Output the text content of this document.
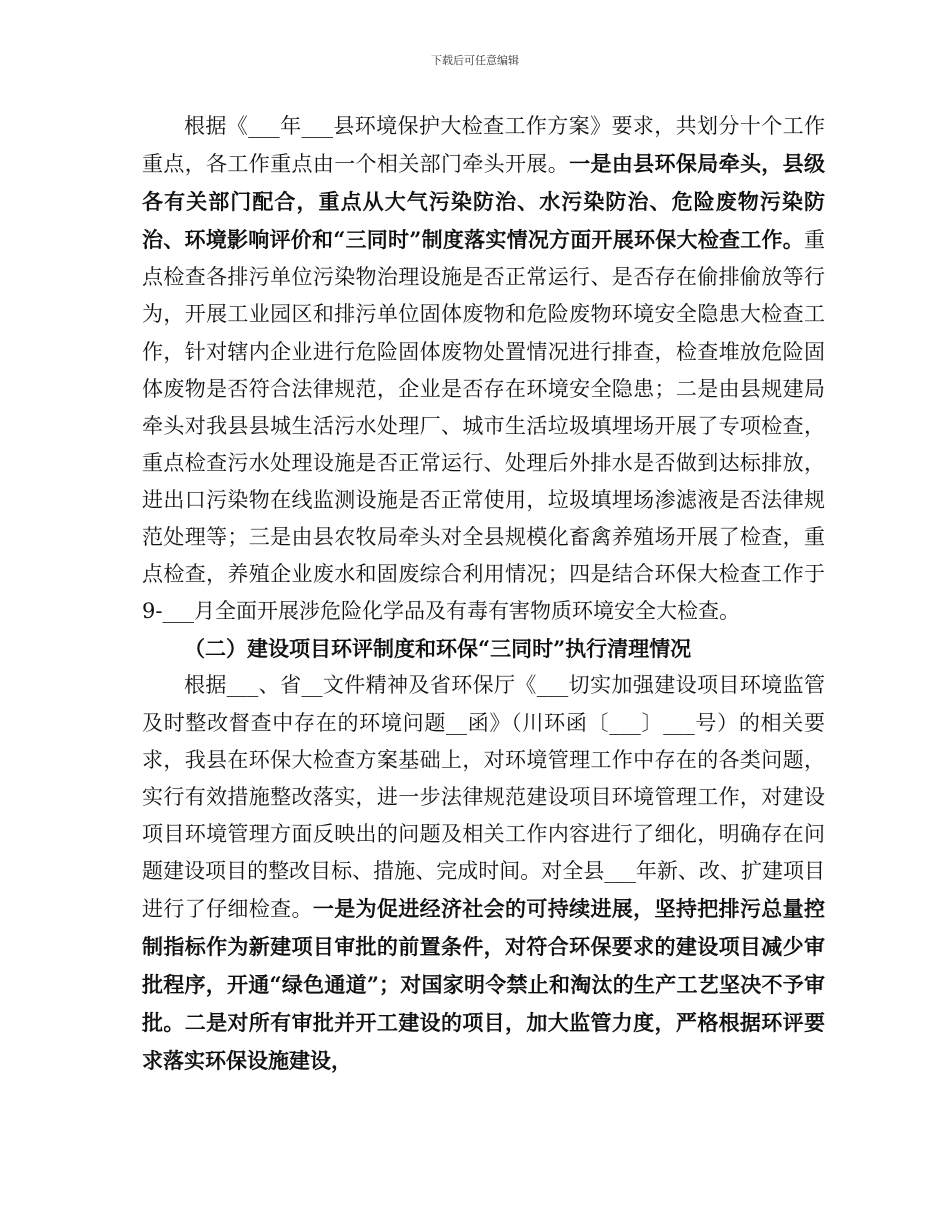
下载后可任意编辑

根据《___年___县环境保护大检查工作方案》要求，共划分十个工作重点，各工作重点由一个相关部门牵头开展。一是由县环保局牵头，县级各有关部门配合，重点从大气污染防治、水污染防治、危险废物污染防治、环境影响评价和“三同时”制度落实情况方面开展环保大检查工作。重点检查各排污单位污染物治理设施是否正常运行、是否存在偷排偷放等行为，开展工业园区和排污单位固体废物和危险废物环境安全隐患大检查工作，针对辖内企业进行危险固体废物处置情况进行排查，检查堆放危险固体废物是否符合法律规范，企业是否存在环境安全隐患；二是由县规建局牵头对我县县城生活污水处理厂、城市生活垃圾填埋场开展了专项检查，重点检查污水处理设施是否正常运行、处理后外排水是否做到达标排放，进出口污染物在线监测设施是否正常使用，垃圾填埋场渗滤液是否法律规范处理等；三是由县农牧局牵头对全县规模化畜禽养殖场开展了检查，重点检查，养殖企业废水和固废综合利用情况；四是结合环保大检查工作于9-___月全面开展涉危险化学品及有毒有害物质环境安全大检查。

（二）建设项目环评制度和环保“三同时”执行清理情况

根据___、省__文件精神及省环保厅《___切实加强建设项目环境监管及时整改督查中存在的环境问题__函》（川环函〔___〕___号）的相关要求，我县在环保大检查方案基础上，对环境管理工作中存在的各类问题，实行有效措施整改落实，进一步法律规范建设项目环境管理工作，对建设项目环境管理方面反映出的问题及相关工作内容进行了细化，明确存在问题建设项目的整改目标、措施、完成时间。对全县___年新、改、扩建项目进行了仔细检查。一是为促进经济社会的可持续进展，坚持把排污总量控制指标作为新建项目审批的前置条件，对符合环保要求的建设项目减少审批程序，开通“绿色通道”；对国家明令禁止和淘汰的生产工艺坚决不予审批。二是对所有审批并开工建设的项目，加大监管力度，严格根据环评要求落实环保设施建设，
